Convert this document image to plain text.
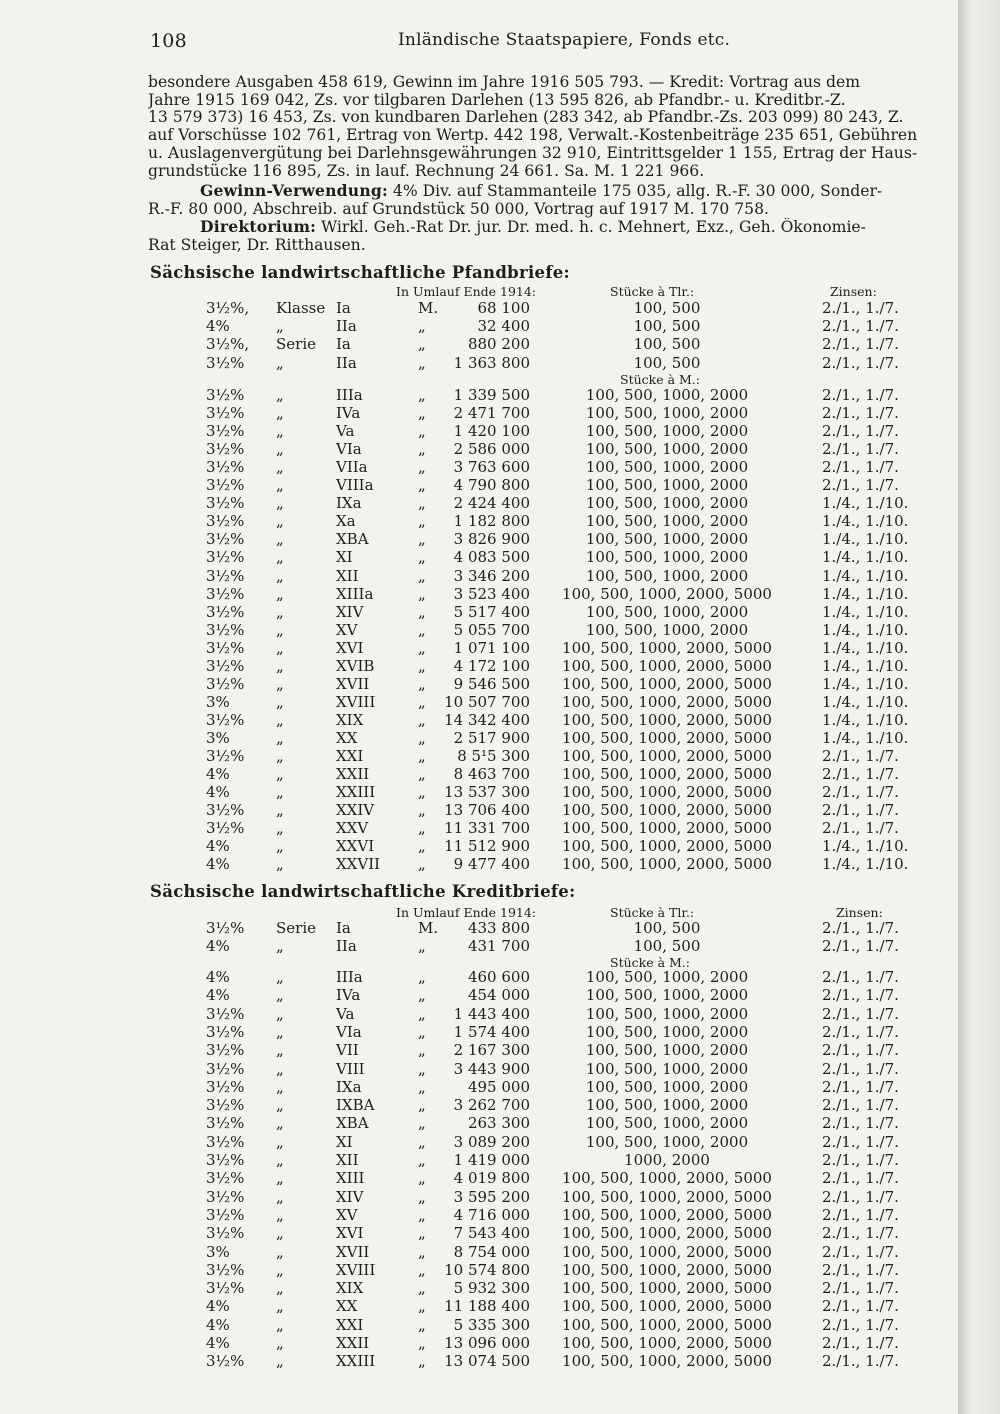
108	Inländische Staatspapiere, Fonds etc.
besondere Ausgaben 458 619, Gewinn im Jahre 1916 505 793. — Kredit: Vortrag aus dem
Jahre 1915 169 042, Zs. vor tilgbaren Darlehen (13 595 826, ab Pfandbr.- u. Kreditbr.-Z.
13 579 373) 16 453, Zs. von kundbaren Darlehen (283 342, ab Pfandbr.-Zs. 203 099) 80 243, Z.
auf Vorschüsse 102 761, Ertrag von Wertp. 442 198, Verwalt.-Kostenbeiträge 235 651, Gebühren
u. Auslagenvergütung bei Darlehnsgewährungen 32 910, Eintrittsgelder 1 155, Ertrag der Haus-
grundstücke 116 895, Zs. in lauf. Rechnung 24 661. Sa. M. 1 221 966.
Gewinn-Verwendung: 4% Div. auf Stammanteile 175 035, allg. R.-F. 30 000, Sonder-
R.-F. 80 000, Abschreib. auf Grundstück 50 000, Vortrag auf 1917 M. 170 758.
Direktorium: Wirkl. Geh.-Rat Dr. jur. Dr. med. h. c. Mehnert, Exz., Geh. Ökonomie-
Rat Steiger, Dr. Ritthausen.
Sächsische landwirtschaftliche Pfandbriefe:
In Umlauf Ende 1914:	Stücke à Tlr.:	Zinsen:
3½%, Klasse Ia	M.	68 100	100, 500	2./1., 1./7.
4%	„	IIa	„	32 400	100, 500	2./1., 1./7.
3½%, Serie Ia	„	880 200	100, 500	2./1., 1./7.
3½% „	IIa	„	1 363 800	100, 500	2./1., 1./7.
Stücke à M.:
3½% „	IIIa	„	1 339 500	100, 500, 1000, 2000	2./1., 1./7.
3½% „	IVa	„	2 471 700	100, 500, 1000, 2000	2./1., 1./7.
3½% „	Va	„	1 420 100	100, 500, 1000, 2000	2./1., 1./7.
3½% „	VIa	„	2 586 000	100, 500, 1000, 2000	2./1., 1./7.
3½% „	VIIa	„	3 763 600	100, 500, 1000, 2000	2./1., 1./7.
3½% „	VIIIa	„	4 790 800	100, 500, 1000, 2000	2./1., 1./7.
3½% „	IXa	„	2 424 400	100, 500, 1000, 2000	1./4., 1./10.
3½% „	Xa	„	1 182 800	100, 500, 1000, 2000	1./4., 1./10.
3½% „	XBA	„	3 826 900	100, 500, 1000, 2000	1./4., 1./10.
3½% „	XI	„	4 083 500	100, 500, 1000, 2000	1./4., 1./10.
3½% „	XII	„	3 346 200	100, 500, 1000, 2000	1./4., 1./10.
3½% „	XIIIa	„	3 523 400	100, 500, 1000, 2000, 5000	1./4., 1./10.
3½% „	XIV	„	5 517 400	100, 500, 1000, 2000	1./4., 1./10.
3½% „	XV	„	5 055 700	100, 500, 1000, 2000	1./4., 1./10.
3½% „	XVI	„	1 071 100	100, 500, 1000, 2000, 5000	1./4., 1./10.
3½% „	XVIB	„	4 172 100	100, 500, 1000, 2000, 5000	1./4., 1./10.
3½% „	XVII	„	9 546 500	100, 500, 1000, 2000, 5000	1./4., 1./10.
3%	„	XVIII	„ 10 507 700	100, 500, 1000, 2000, 5000	1./4., 1./10.
3½% „	XIX	„ 14 342 400	100, 500, 1000, 2000, 5000	1./4., 1./10.
3%	„	XX	„	2 517 900	100, 500, 1000, 2000, 5000	1./4., 1./10.
3½% „	XXI	„	8 5¹5 300	100, 500, 1000, 2000, 5000	2./1., 1./7.
4%	„	XXII	„	8 463 700	100, 500, 1000, 2000, 5000	2./1., 1./7.
4%	„	XXIII	„ 13 537 300	100, 500, 1000, 2000, 5000	2./1., 1./7.
3½% „	XXIV	„ 13 706 400	100, 500, 1000, 2000, 5000	2./1., 1./7.
3½% „	XXV	„ 11 331 700	100, 500, 1000, 2000, 5000	2./1., 1./7.
4%	„	XXVI	„ 11 512 900	100, 500, 1000, 2000, 5000	1./4., 1./10.
4%	„	XXVII	„	9 477 400	100, 500, 1000, 2000, 5000	1./4., 1./10.
Sächsische landwirtschaftliche Kreditbriefe:
In Umlauf Ende 1914:	Stücke à Tlr.:	Zinsen:
3½% Serie Ia	M.	433 800	100, 500	2./1., 1./7.
4%	„	IIa	„	431 700	100, 500	2./1., 1./7.
Stücke à M.:
4%	„	IIIa	„	460 600	100, 500, 1000, 2000	2./1., 1./7.
4%	„	IVa	„	454 000	100, 500, 1000, 2000	2./1., 1./7.
3½% „	Va	„	1 443 400	100, 500, 1000, 2000	2./1., 1./7.
3½% „	VIa	„	1 574 400	100, 500, 1000, 2000	2./1., 1./7.
3½% „	VII	„	2 167 300	100, 500, 1000, 2000	2./1., 1./7.
3½% „	VIII	„	3 443 900	100, 500, 1000, 2000	2./1., 1./7.
3½% „	IXa	„	495 000	100, 500, 1000, 2000	2./1., 1./7.
3½% „	IXBA	„	3 262 700	100, 500, 1000, 2000	2./1., 1./7.
3½% „	XBA	„	263 300	100, 500, 1000, 2000	2./1., 1./7.
3½% „	XI	„	3 089 200	100, 500, 1000, 2000	2./1., 1./7.
3½% „	XII	„	1 419 000	1000, 2000	2./1., 1./7.
3½% „	XIII	„	4 019 800	100, 500, 1000, 2000, 5000	2./1., 1./7.
3½% „	XIV	„	3 595 200	100, 500, 1000, 2000, 5000	2./1., 1./7.
3½% „	XV	„	4 716 000	100, 500, 1000, 2000, 5000	2./1., 1./7.
3½% „	XVI	„	7 543 400	100, 500, 1000, 2000, 5000	2./1., 1./7.
3%	„	XVII	„	8 754 000	100, 500, 1000, 2000, 5000	2./1., 1./7.
3½% „	XVIII	„ 10 574 800	100, 500, 1000, 2000, 5000	2./1., 1./7.
3½% „	XIX	„	5 932 300	100, 500, 1000, 2000, 5000	2./1., 1./7.
4%	„	XX	„ 11 188 400	100, 500, 1000, 2000, 5000	2./1., 1./7.
4%	„	XXI	„	5 335 300	100, 500, 1000, 2000, 5000	2./1., 1./7.
4%	„	XXII	„ 13 096 000	100, 500, 1000, 2000, 5000	2./1., 1./7.
3½% „	XXIII	„ 13 074 500	100, 500, 1000, 2000, 5000	2./1., 1./7.
